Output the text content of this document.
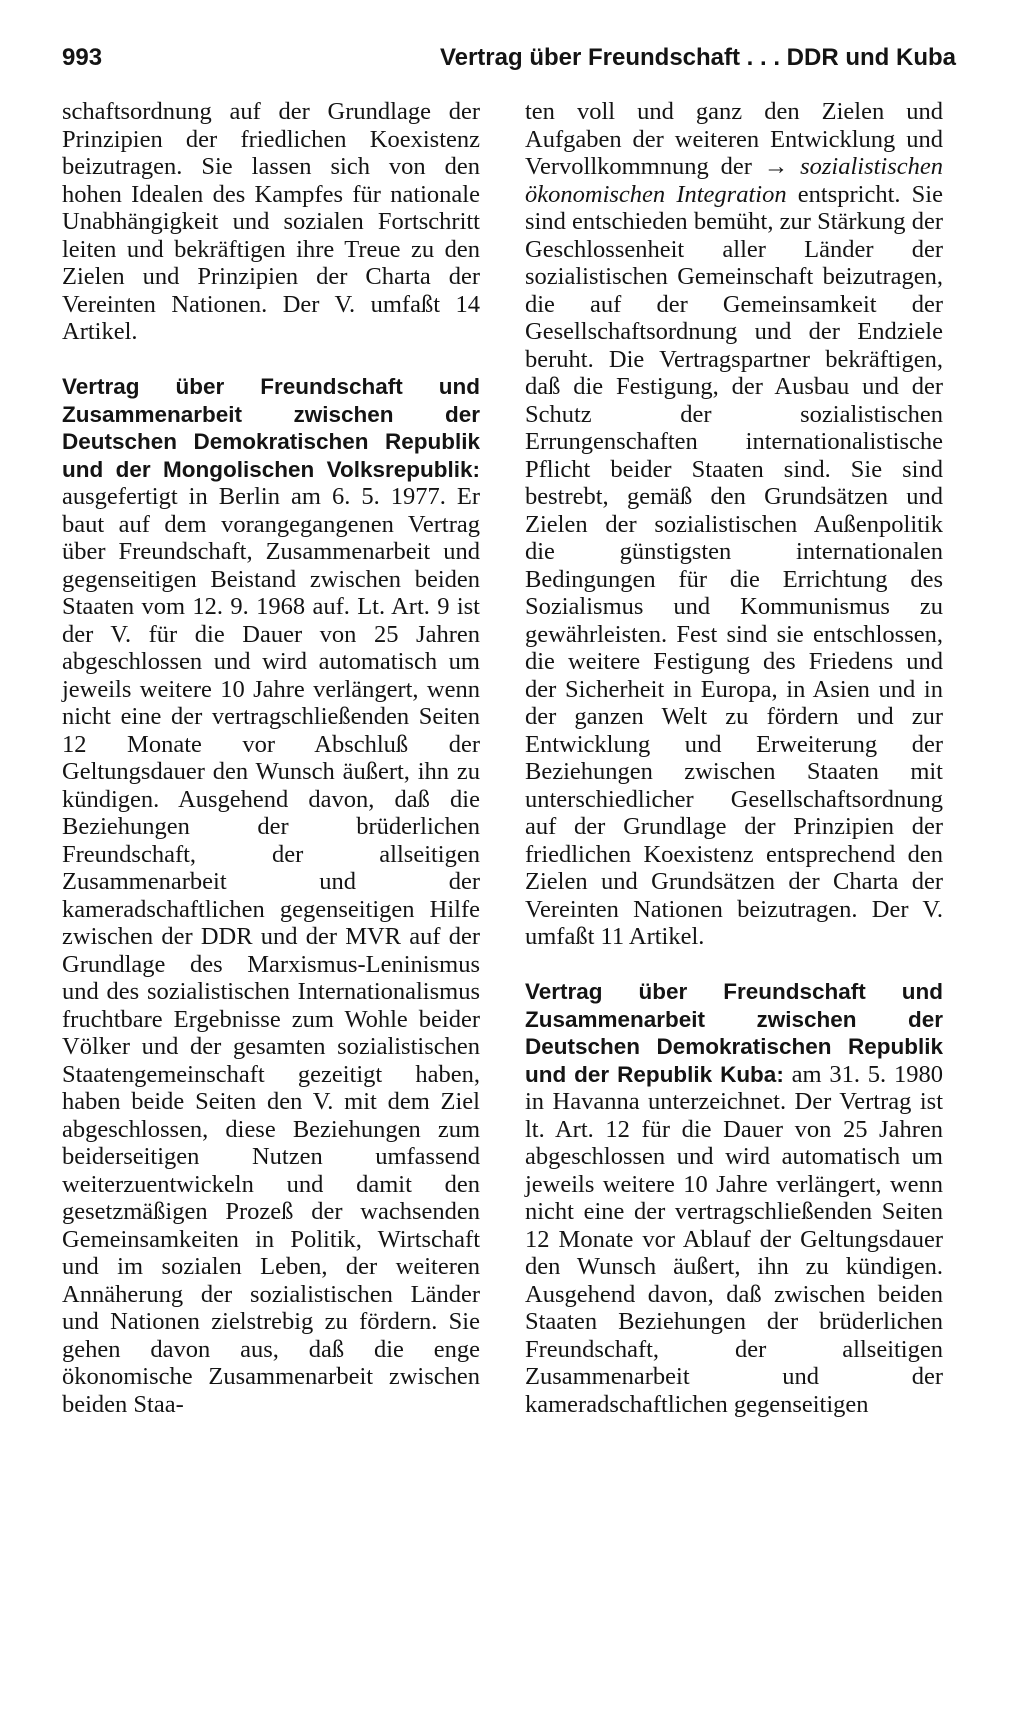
993	Vertrag über Freundschaft . . . DDR und Kuba

schaftsordnung auf der Grundlage der Prinzipien der friedlichen Koexistenz beizutragen. Sie lassen sich von den hohen Idealen des Kampfes für nationale Unabhängigkeit und sozialen Fortschritt leiten und bekräftigen ihre Treue zu den Zielen und Prinzipien der Charta der Vereinten Nationen. Der V. umfaßt 14 Artikel.

Vertrag über Freundschaft und Zusammenarbeit zwischen der Deutschen Demokratischen Republik und der Mongolischen Volksrepublik: ausgefertigt in Berlin am 6. 5. 1977. Er baut auf dem vorangegangenen Vertrag über Freundschaft, Zusammenarbeit und gegenseitigen Beistand zwischen beiden Staaten vom 12. 9. 1968 auf. Lt. Art. 9 ist der V. für die Dauer von 25 Jahren abgeschlossen und wird automatisch um jeweils weitere 10 Jahre verlängert, wenn nicht eine der vertragschließenden Seiten 12 Monate vor Abschluß der Geltungsdauer den Wunsch äußert, ihn zu kündigen. Ausgehend davon, daß die Beziehungen der brüderlichen Freundschaft, der allseitigen Zusammenarbeit und der kameradschaftlichen gegenseitigen Hilfe zwischen der DDR und der MVR auf der Grundlage des Marxismus-Leninismus und des sozialistischen Internationalismus fruchtbare Ergebnisse zum Wohle beider Völker und der gesamten sozialistischen Staatengemeinschaft gezeitigt haben, haben beide Seiten den V. mit dem Ziel abgeschlossen, diese Beziehungen zum beiderseitigen Nutzen umfassend weiterzuentwickeln und damit den gesetzmäßigen Prozeß der wachsenden Gemeinsamkeiten in Politik, Wirtschaft und im sozialen Leben, der weiteren Annäherung der sozialistischen Länder und Nationen zielstrebig zu fördern. Sie gehen davon aus, daß die enge ökonomische Zusammenarbeit zwischen beiden Staa-

ten voll und ganz den Zielen und Aufgaben der weiteren Entwicklung und Vervollkommnung der → sozialistischen ökonomischen Integration entspricht. Sie sind entschieden bemüht, zur Stärkung der Geschlossenheit aller Länder der sozialistischen Gemeinschaft beizutragen, die auf der Gemeinsamkeit der Gesellschaftsordnung und der Endziele beruht. Die Vertragspartner bekräftigen, daß die Festigung, der Ausbau und der Schutz der sozialistischen Errungenschaften internationalistische Pflicht beider Staaten sind. Sie sind bestrebt, gemäß den Grundsätzen und Zielen der sozialistischen Außenpolitik die günstigsten internationalen Bedingungen für die Errichtung des Sozialismus und Kommunismus zu gewährleisten. Fest sind sie entschlossen, die weitere Festigung des Friedens und der Sicherheit in Europa, in Asien und in der ganzen Welt zu fördern und zur Entwicklung und Erweiterung der Beziehungen zwischen Staaten mit unterschiedlicher Gesellschaftsordnung auf der Grundlage der Prinzipien der friedlichen Koexistenz entsprechend den Zielen und Grundsätzen der Charta der Vereinten Nationen beizutragen. Der V. umfaßt 11 Artikel.

Vertrag über Freundschaft und Zusammenarbeit zwischen der Deutschen Demokratischen Republik und der Republik Kuba: am 31. 5. 1980 in Havanna unterzeichnet. Der Vertrag ist lt. Art. 12 für die Dauer von 25 Jahren abgeschlossen und wird automatisch um jeweils weitere 10 Jahre verlängert, wenn nicht eine der vertragschließenden Seiten 12 Monate vor Ablauf der Geltungsdauer den Wunsch äußert, ihn zu kündigen. Ausgehend davon, daß zwischen beiden Staaten Beziehungen der brüderlichen Freundschaft, der allseitigen Zusammenarbeit und der kameradschaftlichen gegenseitigen
